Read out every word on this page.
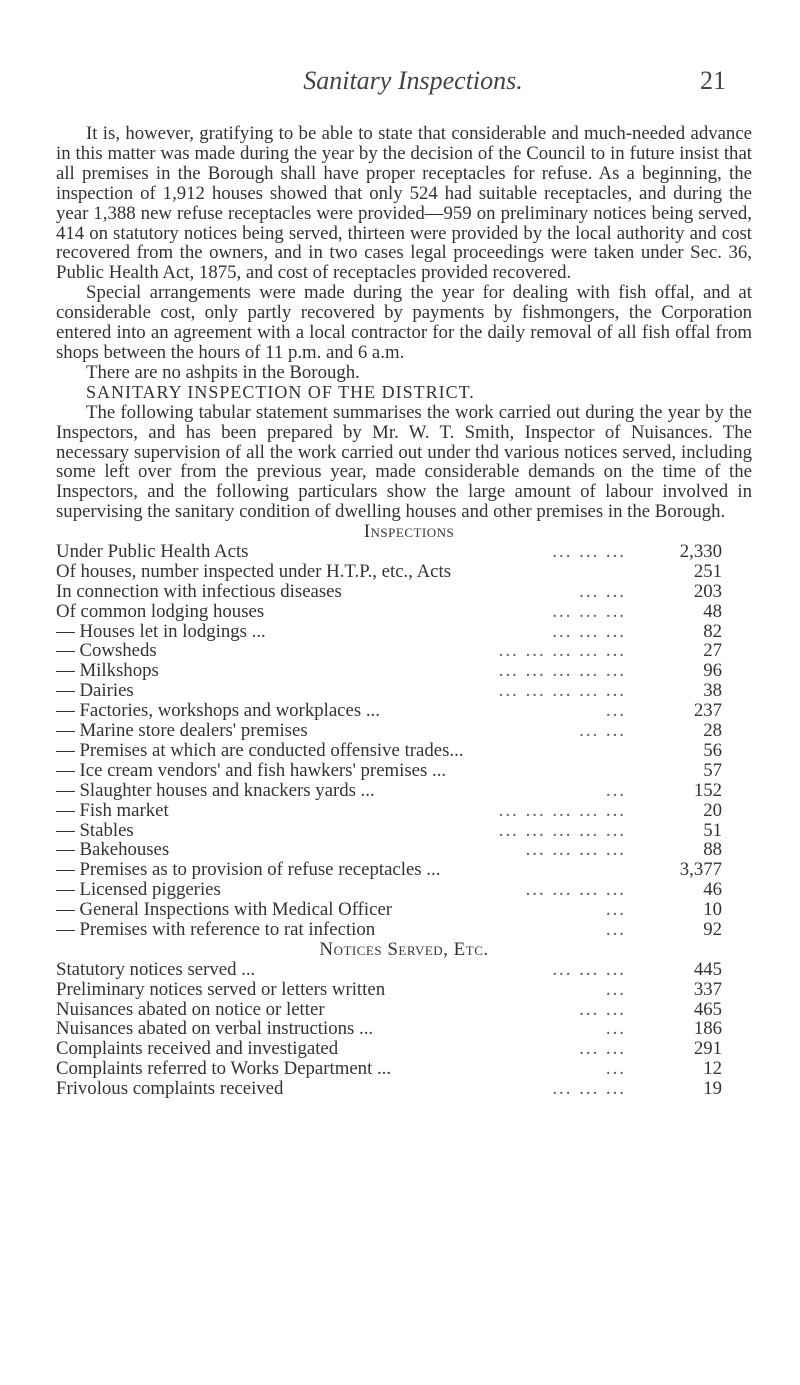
Sanitary Inspections.	21

It is, however, gratifying to be able to state that considerable and much-needed advance in this matter was made during the year by the decision of the Council to in future insist that all premises in the Borough shall have proper receptacles for refuse. As a beginning, the inspection of 1,912 houses showed that only 524 had suitable receptacles, and during the year 1,388 new refuse receptacles were provided—959 on preliminary notices being served, 414 on statutory notices being served, thirteen were provided by the local authority and cost recovered from the owners, and in two cases legal proceedings were taken under Sec. 36, Public Health Act, 1875, and cost of receptacles provided recovered.

Special arrangements were made during the year for dealing with fish offal, and at considerable cost, only partly recovered by payments by fishmongers, the Corporation entered into an agreement with a local contractor for the daily removal of all fish offal from shops between the hours of 11 p.m. and 6 a.m.

There are no ashpits in the Borough.

SANITARY INSPECTION OF THE DISTRICT.

The following tabular statement summarises the work carried out during the year by the Inspectors, and has been prepared by Mr. W. T. Smith, Inspector of Nuisances. The necessary supervision of all the work carried out under thd various notices served, including some left over from the previous year, made considerable demands on the time of the Inspectors, and the following particulars show the large amount of labour involved in supervising the sanitary condition of dwelling houses and other premises in the Borough.

Inspections

Under Public Health Acts	... ... ...	2,330
Of houses, number inspected under H.T.P., etc., Acts	251
In connection with infectious diseases	... ...	203
Of common lodging houses	... ... ...	48
— Houses let in lodgings ...	... ... ...	82
— Cowsheds	... ... ... ... ...	27
— Milkshops	... ... ... ... ...	96
— Dairies	... ... ... ... ...	38
— Factories, workshops and workplaces ...	...	237
— Marine store dealers' premises	... ...	28
— Premises at which are conducted offensive trades...	56
— Ice cream vendors' and fish hawkers' premises ...	57
— Slaughter houses and knackers yards ...	...	152
— Fish market	... ... ... ... ...	20
— Stables	... ... ... ... ...	51
— Bakehouses	... ... ... ...	88
— Premises as to provision of refuse receptacles ...	3,377
— Licensed piggeries	... ... ... ...	46
— General Inspections with Medical Officer	...	10
— Premises with reference to rat infection	...	92

Notices Served, Etc.

Statutory notices served ...	... ... ...	445
Preliminary notices served or letters written	...	337
Nuisances abated on notice or letter	... ...	465
Nuisances abated on verbal instructions ...	...	186
Complaints received and investigated	... ...	291
Complaints referred to Works Department ...	...	12
Frivolous complaints received	... ... ...	19
